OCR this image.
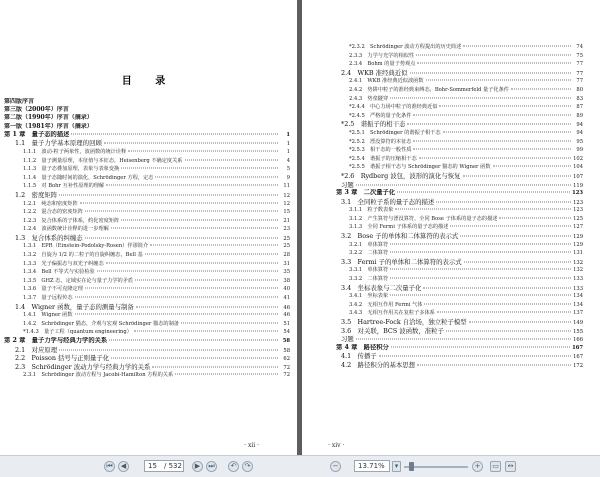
目 录
第四版序言
第三版（2000年）序言
第二版（1990年）序言（摘录）
第一版（1981年）序言（摘录）
第 1 章　量子态的描述	1
1.1　量子力学基本原理的回顾	1
1.1.1　波动-粒子两象性，波函数的统计诠释	1
1.1.2　量子测量原理，本征值与本征态，Heisenberg 不确定度关系	4
1.1.3　量子态叠加原理，表象与表象变换	5
1.1.4　量子态随时间的演化，Schrödinger 方程，定态	9
1.1.5　对 Bohr 互补性原理的理解	11
1.2　密度矩阵	12
1.2.1　纯态和密度矩阵	12
1.2.2　混合态的密度矩阵	15
1.2.3　复合体系的子体系，约化密度矩阵	21
1.2.4　波函数统计诠释的进一步理解	23
1.3　复合体系的纠缠态	25
1.3.1　EPR（Einstein-Podolsky-Rosen）佯谬简介	25
1.3.2　自旋为 1/2 的二粒子的自旋纠缠态，Bell 基	28
1.3.3　光子偏振态与双光子纠缠态	31
1.3.4　Bell 不等式与实验检验	35
1.3.5　GHZ 态，定域实在论与量子力学的矛盾	38
1.3.6　量子不可克隆定理	40
1.3.7　量子远程传态	41
1.4　Wigner 函数，量子态的测量与制备	46
1.4.1　Wigner 函数	46
1.4.2　Schrödinger 猫态，介观与宏观 Schrödinger 猫态的制备	51
*1.4.3　量子工程（quantum engineering）	54
第 2 章　量子力学与经典力学的关系	58
2.1　对应原理	58
2.2　Poisson 括号与正则量子化	62
2.3　Schrödinger 波动力学与经典力学的关系	72
2.3.1　Schrödinger 波动方程与 Jacobi-Hamilton 方程的关系	72
· xii ·
*2.3.2　Schrödinger 波动方程提出的历史简述	74
2.3.3　力学与光学的相似性	75
2.3.4　Bohm 的量子势观点	77
2.4　WKB 准经典近似	77
2.4.1　WKB 准经典近似波函数	77
2.4.2　势阱中粒子的准经典束缚态，Bohr-Sommerfeld 量子化条件	80
2.4.3　势垒隧穿	83
*2.4.4　中心力场中粒子的准经典近似	87
*2.4.5　严格的量子化条件	89
*2.5　谐振子的相干态	94
*2.5.1　Schrödinger 的谐振子相干态	94
*2.5.2　湮没算符的本征态	95
*2.5.3　相干态的一般性质	99
*2.5.4　谐振子的压缩相干态	102
*2.5.5　谐振子相干态与 Schrödinger 猫态的 Wigner 函数	104
*2.6　Rydberg 波包，波形的演化与恢复	107
习题	119
第 3 章　二次量子化	123
3.1　全同粒子系的量子态的描述	123
3.1.1　粒子数表象	123
3.1.2　产生算符与湮没算符，全同 Bose 子体系的量子态的描述	125
3.1.3　全同 Fermi 子体系的量子态的描述	127
3.2　Bose 子的单体和二体算符的表示式	129
3.2.1　单体算符	129
3.2.2　二体算符	131
3.3　Fermi 子的单体和二体算符的表示式	132
3.3.1　单体算符	132
3.3.2　二体算符	133
3.4　坐标表象与二次量子化	133
3.4.1　坐标表象	134
3.4.2　无相互作用 Fermi 气体	134
3.4.3　无相互作用关在复粒子多体系	137
3.5　Hartree-Fock 自洽场，独立粒子模型	149
3.6　对关联，BCS 波函数，准粒子	155
习题	166
第 4 章　路径积分	167
4.1　传播子	167
4.2　路径积分的基本思想	172
· xiv ·
⏮	◀	15	/ 532	▶	⏭	↶	↷	−	13.71%	▾	+	▭	↔
